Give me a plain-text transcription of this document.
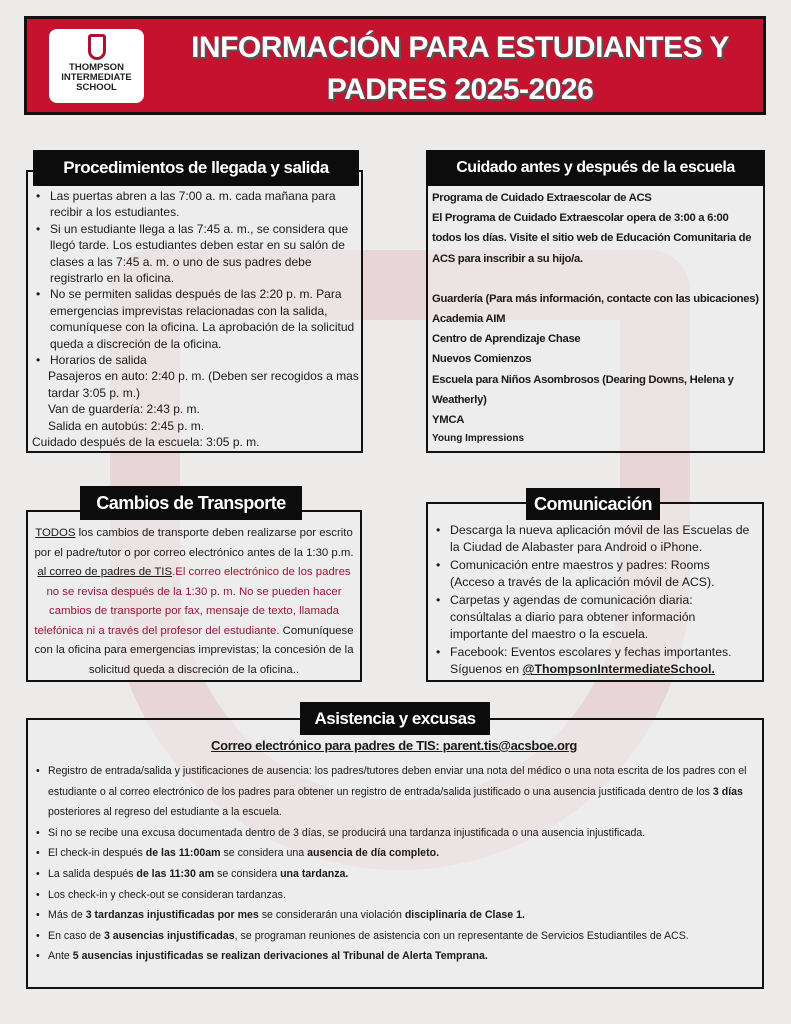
THOMPSON
INTERMEDIATE
SCHOOL
INFORMACIÓN PARA ESTUDIANTES Y PADRES 2025-2026
• Las puertas abren a las 7:00 a. m. cada mañana para recibir a los estudiantes.
• Si un estudiante llega a las 7:45 a. m., se considera que llegó tarde. Los estudiantes deben estar en su salón de clases a las 7:45 a. m. o uno de sus padres debe registrarlo en la oficina.
• No se permiten salidas después de las 2:20 p. m. Para emergencias imprevistas relacionadas con la salida, comuníquese con la oficina. La aprobación de la solicitud queda a discreción de la oficina.
• Horarios de salida
Pasajeros en auto: 2:40 p. m. (Deben ser recogidos a mas tardar 3:05 p. m.)
Van de guardería: 2:43 p. m.
Salida en autobús: 2:45 p. m.
Cuidado después de la escuela: 3:05 p. m.
Procedimientos de llegada y salida
Programa de Cuidado Extraescolar de ACS
El Programa de Cuidado Extraescolar opera de 3:00 a 6:00 todos los días. Visite el sitio web de Educación Comunitaria de ACS para inscribir a su hijo/a.
Guardería (Para más información, contacte con las ubicaciones)
Academia AIM
Centro de Aprendizaje Chase
Nuevos Comienzos
Escuela para Niños Asombrosos (Dearing Downs, Helena y Weatherly)
YMCA
Young Impressions
Cuidado antes y después de la escuela

TODOS los cambios de transporte deben realizarse por escrito por el padre/tutor o por correo electrónico antes de la 1:30 p.m. al correo de padres de TIS.El correo electrónico de los padres no se revisa después de la 1:30 p. m. No se pueden hacer cambios de transporte por fax, mensaje de texto, llamada telefónica ni a través del profesor del estudiante. Comuníquese con la oficina para emergencias imprevistas; la concesión de la solicitud queda a discreción de la oficina..

Cambios de Transporte
• Descarga la nueva aplicación móvil de las Escuelas de la Ciudad de Alabaster para Android o iPhone.
• Comunicación entre maestros y padres: Rooms (Acceso a través de la aplicación móvil de ACS).
• Carpetas y agendas de comunicación diaria: consúltalas a diario para obtener información importante del maestro o la escuela.
• Facebook: Eventos escolares y fechas importantes. Síguenos en @ThompsonIntermediateSchool.
Comunicación
Correo electrónico para padres de TIS: parent.tis@acsboe.org
• Registro de entrada/salida y justificaciones de ausencia: los padres/tutores deben enviar una nota del médico o una nota escrita de los padres con el estudiante o al correo electrónico de los padres para obtener un registro de entrada/salida justificado o una ausencia justificada dentro de los 3 días posteriores al regreso del estudiante a la escuela.
• Si no se recibe una excusa documentada dentro de 3 días, se producirá una tardanza injustificada o una ausencia injustificada.
• El check-in después de las 11:00am se considera una ausencia de día completo.
• La salida después de las 11:30 am se considera una tardanza.
• Los check-in y check-out se consideran tardanzas.
• Más de 3 tardanzas injustificadas por mes se considerarán una violación disciplinaria de Clase 1.
• En caso de 3 ausencias injustificadas, se programan reuniones de asistencia con un representante de Servicios Estudiantiles de ACS.
• Ante 5 ausencias injustificadas se realizan derivaciones al Tribunal de Alerta Temprana.
Asistencia y excusas
